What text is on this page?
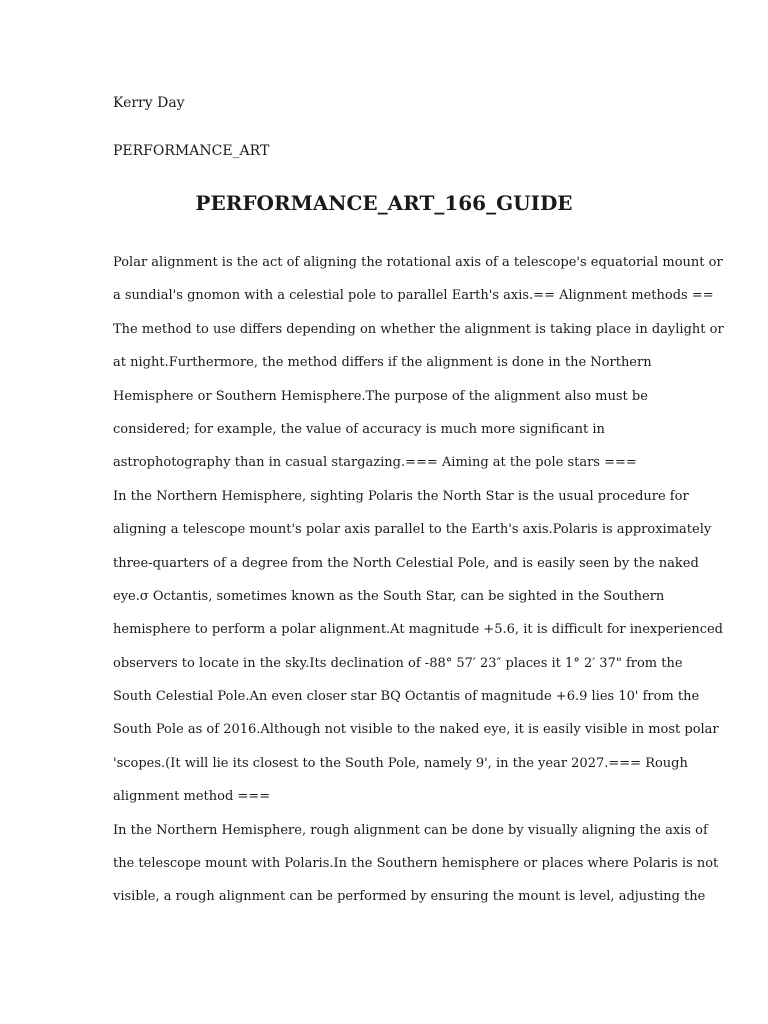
Kerry Day
PERFORMANCE_ART
PERFORMANCE_ART_166_GUIDE
Polar alignment is the act of aligning the rotational axis of a telescope's equatorial mount or
a sundial's gnomon with a celestial pole to parallel Earth's axis.== Alignment methods ==
The method to use differs depending on whether the alignment is taking place in daylight or
at night.Furthermore, the method differs if the alignment is done in the Northern
Hemisphere or Southern Hemisphere.The purpose of the alignment also must be
considered; for example, the value of accuracy is much more significant in
astrophotography than in casual stargazing.=== Aiming at the pole stars ===
In the Northern Hemisphere, sighting Polaris the North Star is the usual procedure for
aligning a telescope mount's polar axis parallel to the Earth's axis.Polaris is approximately
three-quarters of a degree from the North Celestial Pole, and is easily seen by the naked
eye.σ Octantis, sometimes known as the South Star, can be sighted in the Southern
hemisphere to perform a polar alignment.At magnitude +5.6, it is difficult for inexperienced
observers to locate in the sky.Its declination of -88° 57′ 23″ places it 1° 2′ 37" from the
South Celestial Pole.An even closer star BQ Octantis of magnitude +6.9 lies 10' from the
South Pole as of 2016.Although not visible to the naked eye, it is easily visible in most polar
'scopes.(It will lie its closest to the South Pole, namely 9', in the year 2027.=== Rough
alignment method ===
In the Northern Hemisphere, rough alignment can be done by visually aligning the axis of
the telescope mount with Polaris.In the Southern hemisphere or places where Polaris is not
visible, a rough alignment can be performed by ensuring the mount is level, adjusting the
